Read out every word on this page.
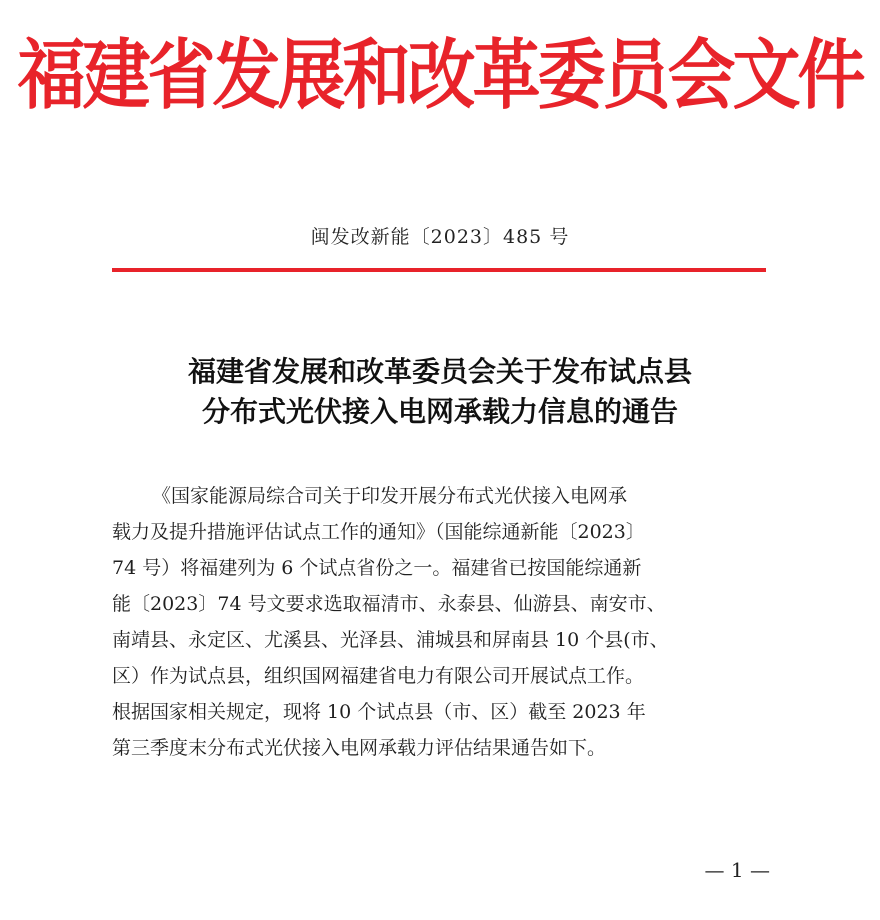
福建省发展和改革委员会文件
闽发改新能〔2023〕485 号
福建省发展和改革委员会关于发布试点县
分布式光伏接入电网承载力信息的通告

《国家能源局综合司关于印发开展分布式光伏接入电网承

载力及提升措施评估试点工作的通知》（国能综通新能〔2023〕

74 号）将福建列为 6 个试点省份之一。福建省已按国能综通新

能〔2023〕74 号文要求选取福清市、永泰县、仙游县、南安市、

南靖县、永定区、尤溪县、光泽县、浦城县和屏南县 10 个县(市、

区）作为试点县，组织国网福建省电力有限公司开展试点工作。

根据国家相关规定，现将 10 个试点县（市、区）截至 2023 年

第三季度末分布式光伏接入电网承载力评估结果通告如下。

— 1 —
